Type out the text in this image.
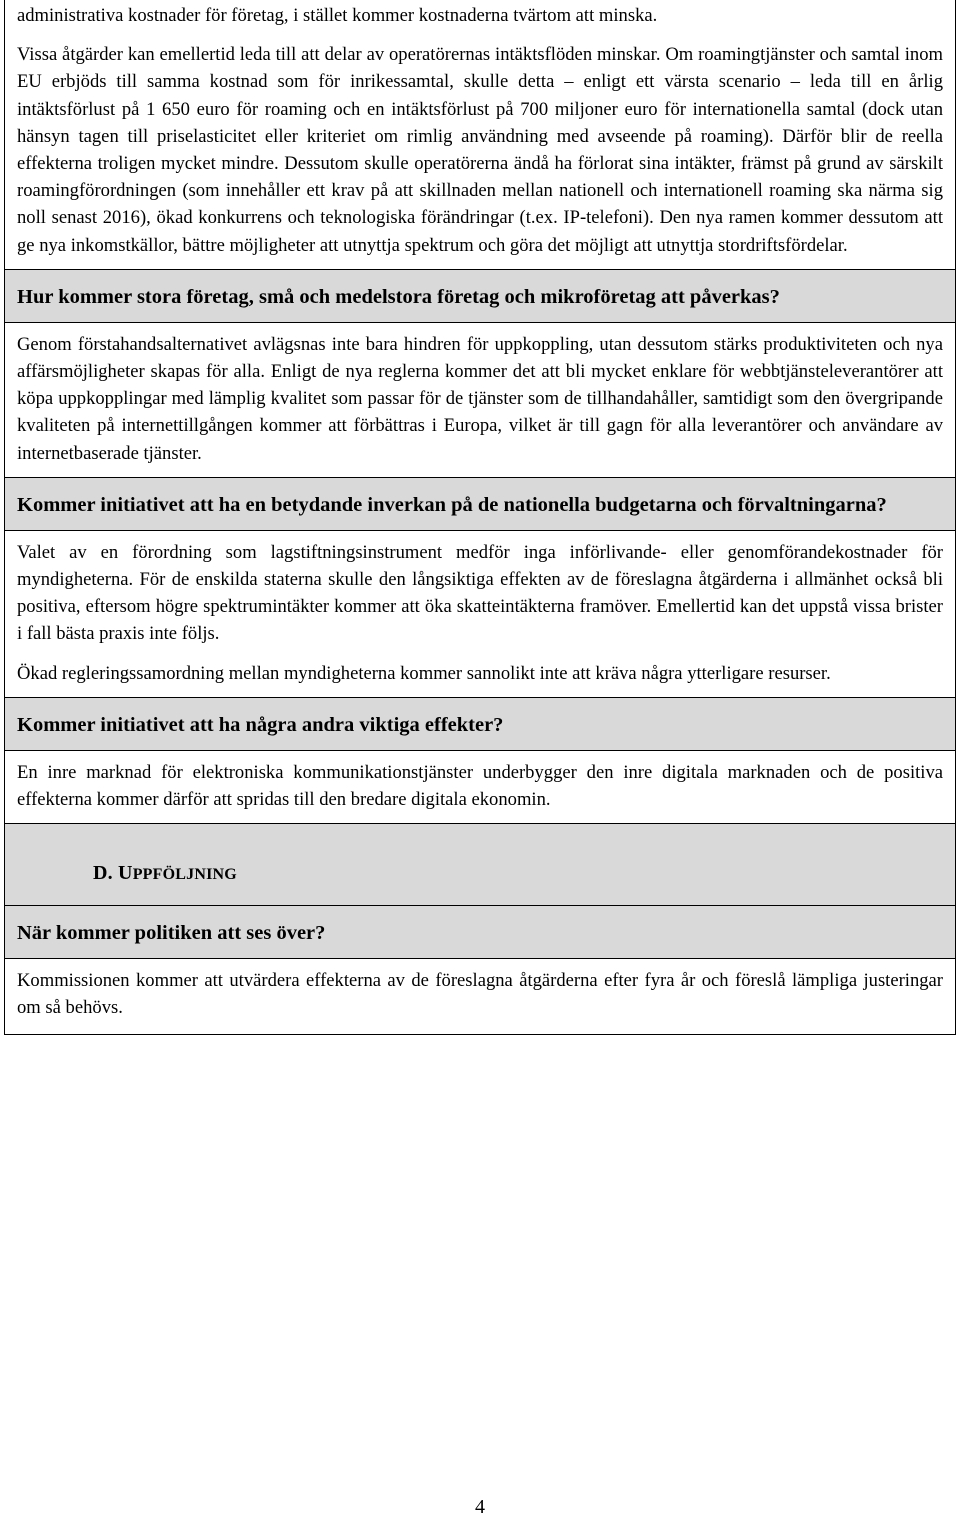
administrativa kostnader för företag, i stället kommer kostnaderna tvärtom att minska.

Vissa åtgärder kan emellertid leda till att delar av operatörernas intäktsflöden minskar. Om roamingtjänster och samtal inom EU erbjöds till samma kostnad som för inrikessamtal, skulle detta – enligt ett värsta scenario – leda till en årlig intäktsförlust på 1 650 euro för roaming och en intäktsförlust på 700 miljoner euro för internationella samtal (dock utan hänsyn tagen till priselasticitet eller kriteriet om rimlig användning med avseende på roaming). Därför blir de reella effekterna troligen mycket mindre. Dessutom skulle operatörerna ändå ha förlorat sina intäkter, främst på grund av särskilt roamingförordningen (som innehåller ett krav på att skillnaden mellan nationell och internationell roaming ska närma sig noll senast 2016), ökad konkurrens och teknologiska förändringar (t.ex. IP-telefoni). Den nya ramen kommer dessutom att ge nya inkomstkällor, bättre möjligheter att utnyttja spektrum och göra det möjligt att utnyttja stordriftsfördelar.

Hur kommer stora företag, små och medelstora företag och mikroföretag att påverkas?

Genom förstahandsalternativet avlägsnas inte bara hindren för uppkoppling, utan dessutom stärks produktiviteten och nya affärsmöjligheter skapas för alla. Enligt de nya reglerna kommer det att bli mycket enklare för webbtjänsteleverantörer att köpa uppkopplingar med lämplig kvalitet som passar för de tjänster som de tillhandahåller, samtidigt som den övergripande kvaliteten på internettillgången kommer att förbättras i Europa, vilket är till gagn för alla leverantörer och användare av internetbaserade tjänster.

Kommer initiativet att ha en betydande inverkan på de nationella budgetarna och förvaltningarna?

Valet av en förordning som lagstiftningsinstrument medför inga införlivande- eller genomförandekostnader för myndigheterna. För de enskilda staterna skulle den långsiktiga effekten av de föreslagna åtgärderna i allmänhet också bli positiva, eftersom högre spektrumintäkter kommer att öka skatteintäkterna framöver. Emellertid kan det uppstå vissa brister i fall bästa praxis inte följs.

Ökad regleringssamordning mellan myndigheterna kommer sannolikt inte att kräva några ytterligare resurser.

Kommer initiativet att ha några andra viktiga effekter?

En inre marknad för elektroniska kommunikationstjänster underbygger den inre digitala marknaden och de positiva effekterna kommer därför att spridas till den bredare digitala ekonomin.

D. UPPFÖLJNING
När kommer politiken att ses över?

Kommissionen kommer att utvärdera effekterna av de föreslagna åtgärderna efter fyra år och föreslå lämpliga justeringar om så behövs.

4
